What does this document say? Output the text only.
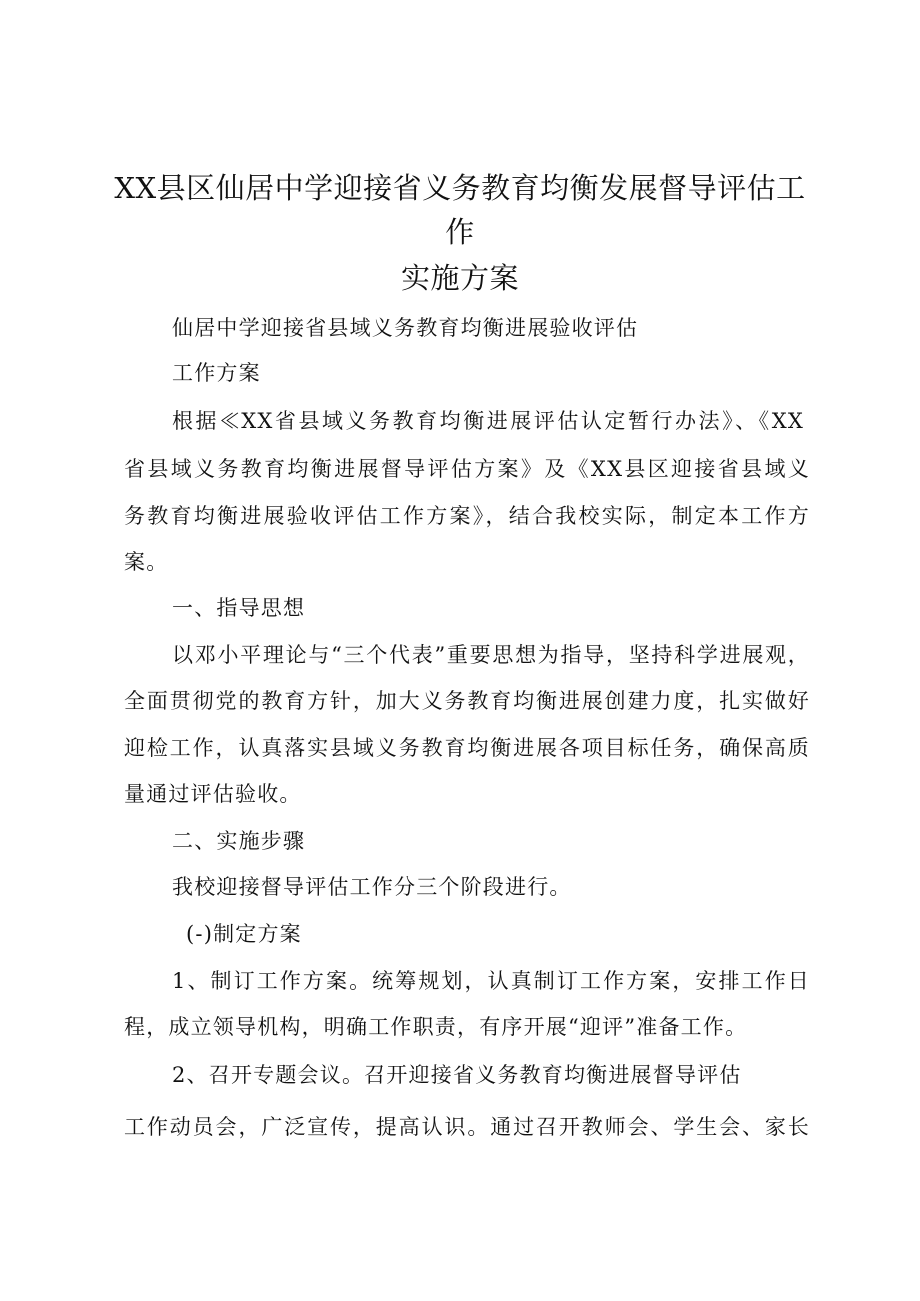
XX县区仙居中学迎接省义务教育均衡发展督导评估工
作
实施方案
仙居中学迎接省县域义务教育均衡进展验收评估
工作方案
根据≪XX省县域义务教育均衡进展评估认定暂行办法》、《XX
省县域义务教育均衡进展督导评估方案》及《XX县区迎接省县域义
务教育均衡进展验收评估工作方案》，结合我校实际，制定本工作方
案。
一、指导思想
以邓小平理论与“三个代表”重要思想为指导，坚持科学进展观，
全面贯彻党的教育方针，加大义务教育均衡进展创建力度，扎实做好
迎检工作，认真落实县域义务教育均衡进展各项目标任务，确保高质
量通过评估验收。
二、实施步骤
我校迎接督导评估工作分三个阶段进行。
(-)制定方案
1、制订工作方案。统筹规划，认真制订工作方案，安排工作日
程，成立领导机构，明确工作职责，有序开展“迎评”准备工作。
2、召开专题会议。召开迎接省义务教育均衡进展督导评估
工作动员会，广泛宣传，提高认识。通过召开教师会、学生会、家长
